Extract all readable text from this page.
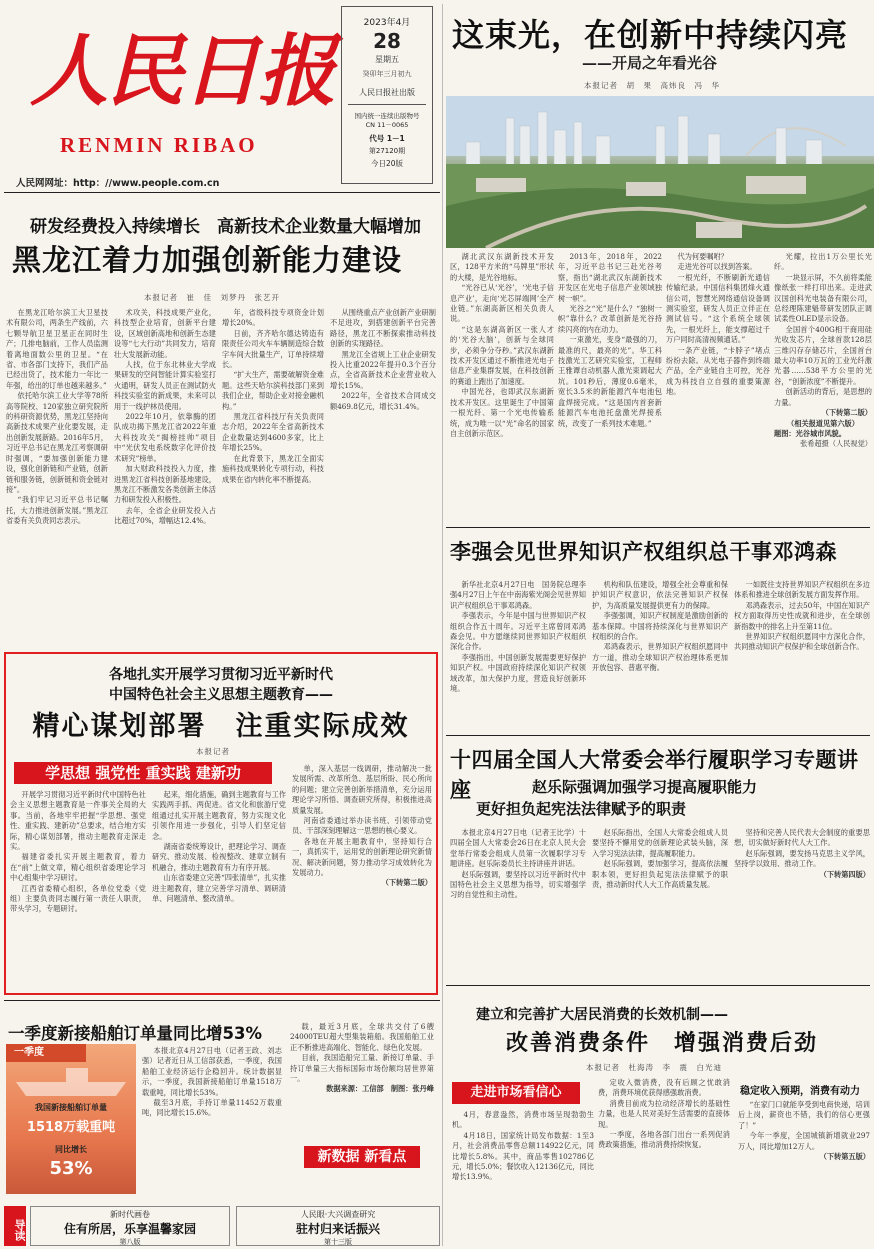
人民日报
RENMIN RIBAO
人民网网址：http：//www.people.com.cn
2023年4月
28
星期五
癸卯年三月初九
人民日报社出版
国内统一连续出版物号
CN 11－0065
代号 1－1
第27120期
今日20版
这束光，在创新中持续闪亮
——开局之年看光谷
本报记者　胡　果　高炜良　冯　华

湖北武汉东湖新技术开发区，128平方米的“马牌里”形状的大楼，是光谷地标。

“光谷已从‘光谷’，‘光电子信息产业’，走向‘光芯屏端网’全产业链。”东湖高新区相关负责人说。

“这是东湖高新区一张人才的‘光谷大脑’，创新与全球同步，必须争分夺秒。”武汉东湖新技术开发区通过不断推进光电子信息产业集群发展，在科技创新的赛道上跑出了加速度。

中国光谷，也即武汉东湖新技术开发区。这里诞生了中国第一根光纤、第一个光电传输系统，成为唯一以“光”命名的国家自主创新示范区。

2013年，2018年，2022年，习近平总书记三赴光谷考察，指出“湖北武汉东湖新技术开发区在光电子信息产业领域独树一帜”。

光谷之“光”是什么？“独树一帜”靠什么？改革创新是光谷持续闪亮的内在动力。

一束激光，变身“最强的刀，最准的尺，最亮的光”。华工科技激光工艺研究实验室，工程师王雅谭自动机器人激光束调起大坑。101秒后，薄度0.6毫米，宽长3.5米的新能源汽车电池包盒焊接完成。“这是国内首套新能源汽车电池托盘激光焊接系统，改变了一系列技术难题。”

代为何要嘱咐？

走进光谷可以找到答案。

一根光纤，不断刷新光通信传输纪录。中国信科集团烽火通信公司，智慧光网络通信设备调测实验室，研发人员正立伴正在测试信号。“这个系统全球领先，一根光纤上，能支撑超过千万户同时高清视频通话。”

一条产业链，“卡脖子”堵点纷纷去除。从光电子器件到终端产品，全产业链自主可控，光谷成为科技自立自强的重要策源地。

光耀，拉出1万公里长光纤。

一块显示屏，不久前将柔能像纸张一样打印出来。走进武汉国创科光电装备有限公司，总经理陈建魁带研发团队正调试柔性OLED显示设备。

全国首个400G相干商用硅光收发芯片，全球首款128层三维闪存存储芯片，全国首台最大功率10万瓦的工业光纤激光器……538平方公里的光谷，“创新浓度”不断提升。

创新活动的背后，是思想的力量。

（下转第二版）
（相关报道见第六版）
题图：光谷城市风貌。
张希超摄（人民视觉）
研发经费投入持续增长　高新技术企业数量大幅增加
黑龙江着力加强创新能力建设
本报记者　崔　佳　刘梦丹　张艺开

在黑龙江哈尔滨工大卫星技术有限公司，两条生产线前，六七颗导航卫星卫星正在同时生产；几排电脑前，工作人员监测着离地面数公里的卫星。“在省、市各部门支持下，我们产品已经出货了，技术能力一年比一年强，给出的订单也越来越多。”

依托哈尔滨工业大学等78所高等院校、120家独立研究院所的科研资源优势，黑龙江坚持向高新技术成果产业化要发展，走出创新发展新路。2016年5月，习近平总书记在黑龙江考察调研时强调，“要加强创新能力建设，强化创新链和产业链，创新链和服务链，创新链和资金链对接”。

“我们牢记习近平总书记嘱托，大力推进创新发展。”黑龙江省委有关负责同志表示。

术攻关，科技成果产业化，科技型企业培育，创新平台建设，区域创新高地和创新生态建设等“七大行动”共同发力，培育壮大发展新动能。

人找，位于东北林业大学成果研发的空间智能计算实验室打火通明，研发人员正在测试防火科技实验室的新成果，未来可以用于一线护林员使用。

2022年10月，依靠酶的团队成功揭下黑龙江省2022年重大科技攻关“揭榜挂帅”项目中“光伏发电系统数字化评价技术研究”榜单。

加大财政科技投入力度，推进黑龙江省科技创新基地建设，黑龙江不断激发各类创新主体活力和研发投入积极性。

去年，全省企业研发投入占比超过70%，增幅达12.4%。

年，省级科技专项资金计划增长20%。

日前，齐齐哈尔德达铸造有限责任公司火车车辆制造综合数字车间大批量生产，订单持续增长。

“扩大生产，需要破解资金难题。这些天哈尔滨科技部门来到我们企业，帮助企业对接金融机构。”

黑龙江省科技厅有关负责同志介绍，2022年全省高新技术企业数量达到4600多家，比上年增长25%。

在此背景下，黑龙江全面实施科技成果转化专项行动，科技成果在省内转化率不断提高。

从围绕重点产业创新产业研制不足进攻，到搭建创新平台完善路径，黑龙江不断探索推动科技创新的实现路径。

黑龙江全省规上工业企业研发投入比重2022年提升0.3个百分点，全省高新技术企业营业收入增长15%。

2022年，全省技术合同成交额469.8亿元，增长31.4%。

各地扎实开展学习贯彻习近平新时代
中国特色社会主义思想主题教育——
精心谋划部署　注重实际成效
本报记者
学思想 强党性 重实践 建新功

开展学习贯彻习近平新时代中国特色社会主义思想主题教育是一件事关全局的大事。当前，各地牢牢把握“学思想、强党性、重实践、建新功”总要求，结合地方实际，精心谋划部署，推动主题教育走深走实。

福建省委扎实开展主题教育，着力在“前”上做文章，精心组织省委理论学习中心组集中学习研讨。

江西省委精心组织，各单位党委（党组）主要负责同志履行第一责任人职责，带头学习，专题研讨。

起来，细化措施，确到主题教育与工作实践两手抓、两促进。省文化和旅游厅党组通过扎实开展主题教育，努力实现文化引领作用进一步强化，引导人们坚定信念。

湖南省委统筹设计，把理论学习、调查研究、推动发展、检视整改、建章立制有机融合，推动主题教育有力有序开展。

山东省委建立完善“四张清单”，扎实推进主题教育，建立完善学习清单、调研清单、问题清单、整改清单。

单，深入基层一线调研，推动解决一批发展所需、改革所急、基层所盼、民心所向的问题；建立完善创新举措清单，充分运用理论学习所悟、调查研究所得，积极推进高质量发展。

河南省委通过举办读书班、引领带动党员、干部深刻理解这一思想的核心要义。

各地在开展主题教育中，坚持知行合一，真抓实干，运用党的创新理论研究新情况、解决新问题，努力推动学习成效转化为发展动力。

（下转第二版）
李强会见世界知识产权组织总干事邓鸿森

新华社北京4月27日电　国务院总理李强4月27日上午在中南海紫光阁会见世界知识产权组织总干事邓鸿森。

李强表示，今年是中国与世界知识产权组织合作五十周年。习近平主席曾同邓鸿森会见。中方愿继续同世界知识产权组织深化合作。

李强指出，中国创新发展需要更好保护知识产权。中国政府持续深化知识产权领域改革，加大保护力度，营造良好创新环境。

机构和队伍建设，增强全社会尊重和保护知识产权意识，依法完善知识产权保护，为高质量发展提供更有力的保障。

李强强调，知识产权制度是激励创新的基本保障。中国将持续深化与世界知识产权组织的合作。

邓鸿森表示，世界知识产权组织愿同中方一道，推动全球知识产权治理体系更加开放包容、普惠平衡。

一如既往支持世界知识产权组织在多边体系和推进全球创新发展方面发挥作用。

邓鸿森表示，过去50年，中国在知识产权方面取得历史性成就和进步，在全球创新指数中的排名上升至第11位。

世界知识产权组织愿同中方深化合作，共同推动知识产权保护和全球创新合作。

十四届全国人大常委会举行履职学习专题讲座	赵乐际强调加强学习提高履职能力
更好担负起宪法法律赋予的职责

本报北京4月27日电（记者王比学）十四届全国人大常委会26日在北京人民大会堂举行常委会组成人员第一次履职学习专题讲座。赵乐际委员长主持讲座并讲话。

赵乐际强调，要坚持以习近平新时代中国特色社会主义思想为指导，切实增强学习的自觉性和主动性。

赵乐际指出，全国人大常委会组成人员要坚持不懈用党的创新理论武装头脑，深入学习宪法法律，提高履职能力。

赵乐际强调，要加强学习，提高依法履职本领，更好担负起宪法法律赋予的职责，推动新时代人大工作高质量发展。

坚持和完善人民代表大会制度的重要思想，切实做好新时代人大工作。

赵乐际强调，要发扬马克思主义学风，坚持学以致用、推动工作。

（下转第四版）
一季度新接船舶订单量同比增53%
一季度
我国新接船舶订单量
1518万载重吨
同比增长
53%

本报北京4月27日电（记者王政、刘志强）记者近日从工信部获悉，一季度，我国船舶工业经济运行企稳回升。统计数据显示，一季度，我国新接船舶订单量1518万载重吨，同比增长53%。

截至3月底，手持订单量11452万载重吨，同比增长15.6%。

载，最近3月底，全球共交付了6艘24000TEU超大型集装箱船。我国船舶工业正不断推进高端化、智能化、绿色化发展。

目前，我国造船完工量、新接订单量、手持订单量三大指标国际市场份额均居世界第一。

数据来源：工信部　制图：张丹峰
新数据 新看点
建立和完善扩大居民消费的长效机制——
改善消费条件　增强消费后劲
本报记者　杜海涛　李　震　白光迪
走进市场看信心

4月，春意盎然，消费市场呈现勃勃生机。

4月18日，国家统计局发布数据：1至3月，社会消费品零售总额114922亿元，同比增长5.8%。其中，商品零售102786亿元，增长5.0%；餐饮收入12136亿元，同比增长13.9%。

定收入微消费，没有后顾之忧敢消费，消费环境优获得感强敢消费。

消费目前成为拉动经济增长的基础性力量，也是人民对美好生活需要的直接体现。

一季度，各地各部门出台一系列促消费政策措施，推动消费持续恢复。

稳定收入预期，消费有动力

“在家门口就能享受到电商快递，培训后上岗，薪资也不错，我们的信心更强了！”

今年一季度，全国城镇新增就业297万人，同比增加12万人。

（下转第五版）
导读
新时代画卷
住有所居，乐享温馨家园
第八版
人民眼·大兴调查研究
驻村归来话振兴
第十三版
